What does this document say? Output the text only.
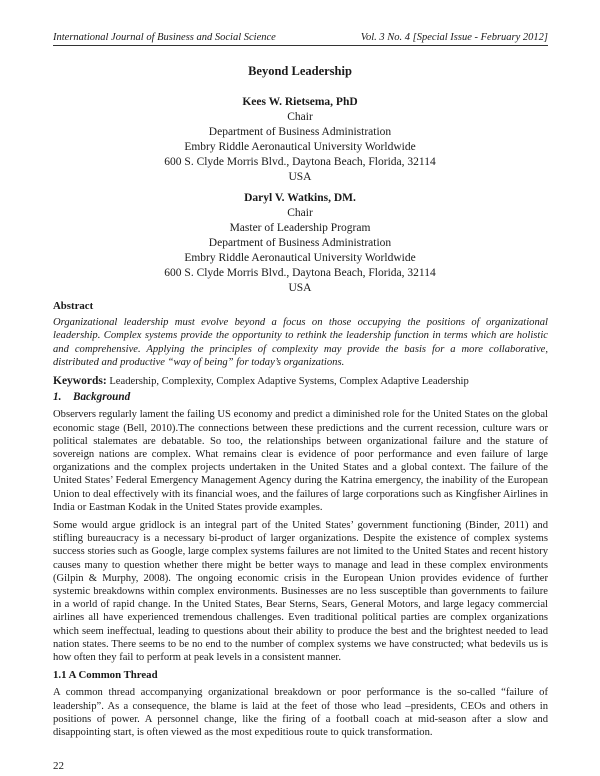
International Journal of Business and Social Science	Vol. 3 No. 4 [Special Issue - February 2012]
Beyond Leadership
Kees W. Rietsema, PhD
Chair
Department of Business Administration
Embry Riddle Aeronautical University Worldwide
600 S. Clyde Morris Blvd., Daytona Beach, Florida, 32114
USA
Daryl V. Watkins, DM.
Chair
Master of Leadership Program
Department of Business Administration
Embry Riddle Aeronautical University Worldwide
600 S. Clyde Morris Blvd., Daytona Beach, Florida, 32114
USA
Abstract

Organizational leadership must evolve beyond a focus on those occupying the positions of organizational leadership. Complex systems provide the opportunity to rethink the leadership function in terms which are holistic and comprehensive. Applying the principles of complexity may provide the basis for a more collaborative, distributed and productive “way of being” for today’s organizations.

Keywords: Leadership, Complexity, Complex Adaptive Systems, Complex Adaptive Leadership

1. Background

Observers regularly lament the failing US economy and predict a diminished role for the United States on the global economic stage (Bell, 2010).The connections between these predictions and the current recession, culture wars or political stalemates are debatable. So too, the relationships between organizational failure and the stature of sovereign nations are complex. What remains clear is evidence of poor performance and even failure of large organizations and the complex projects undertaken in the United States and a global context. The failure of the United States’ Federal Emergency Management Agency during the Katrina emergency, the inability of the European Union to deal effectively with its financial woes, and the failures of large corporations such as Kingfisher Airlines in India or Eastman Kodak in the United States provide examples.

Some would argue gridlock is an integral part of the United States’ government functioning (Binder, 2011) and stifling bureaucracy is a necessary bi-product of larger organizations. Despite the existence of complex systems success stories such as Google, large complex systems failures are not limited to the United States and recent history causes many to question whether there might be better ways to manage and lead in these complex environments (Gilpin & Murphy, 2008). The ongoing economic crisis in the European Union provides evidence of further systemic breakdowns within complex environments. Businesses are no less susceptible than governments to failure in a world of rapid change. In the United States, Bear Sterns, Sears, General Motors, and large legacy commercial airlines all have experienced tremendous challenges. Even traditional political parties are complex organizations which seem ineffectual, leading to questions about their ability to produce the best and the brightest needed to lead nation states. There seems to be no end to the number of complex systems we have constructed; what bedevils us is how often they fail to perform at peak levels in a consistent manner.

1.1 A Common Thread

A common thread accompanying organizational breakdown or poor performance is the so-called “failure of leadership”. As a consequence, the blame is laid at the feet of those who lead –presidents, CEOs and others in positions of power. A personnel change, like the firing of a football coach at mid-season after a slow and disappointing start, is often viewed as the most expeditious route to quick transformation.

22
